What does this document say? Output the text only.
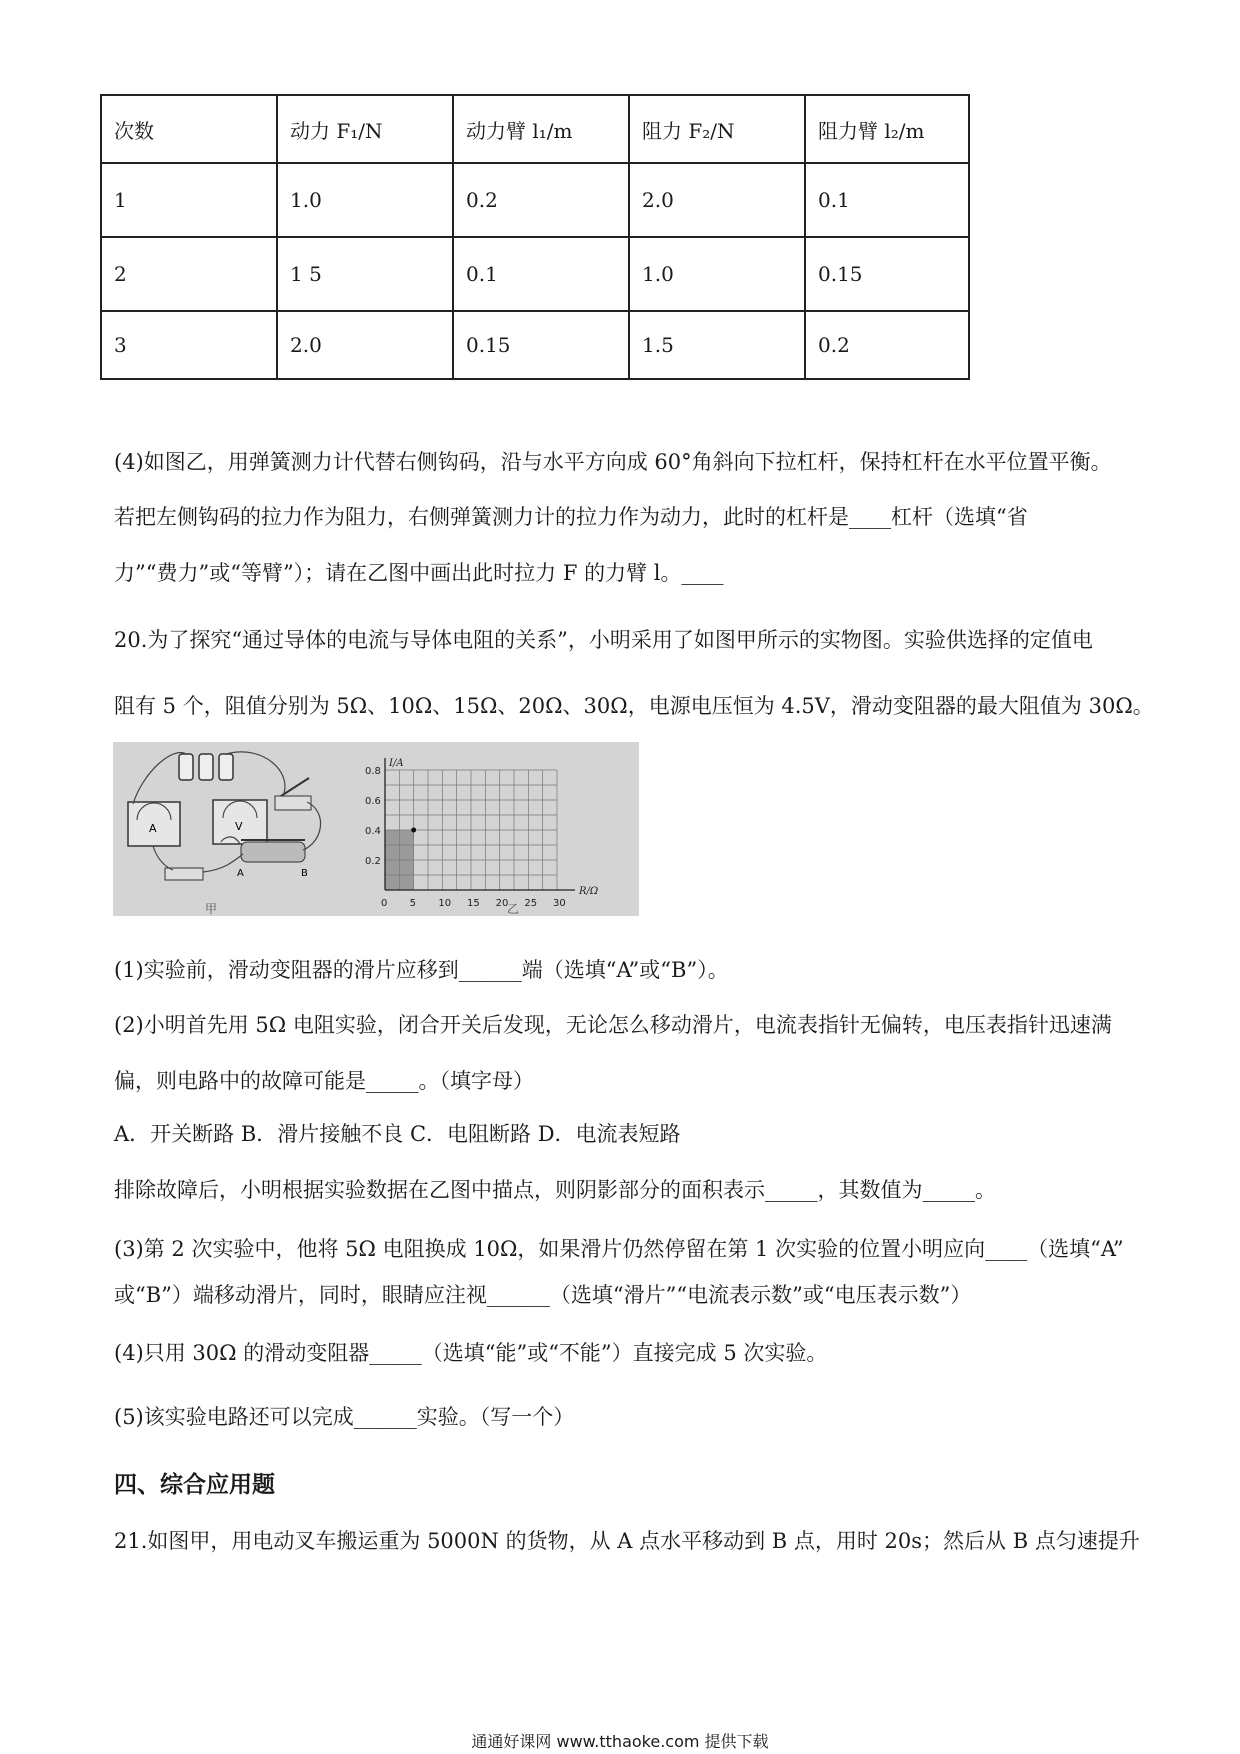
次数	动力 F₁/N	动力臂 l₁/m	阻力 F₂/N	阻力臂 l₂/m
1	1.0	0.2	2.0	0.1
2	1 5	0.1	1.0	0.15
3	2.0	0.15	1.5	0.2
(4)如图乙，用弹簧测力计代替右侧钩码，沿与水平方向成 60°角斜向下拉杠杆，保持杠杆在水平位置平衡。
若把左侧钩码的拉力作为阻力，右侧弹簧测力计的拉力作为动力，此时的杠杆是____杠杆（选填“省
力”“费力”或“等臂”）；请在乙图中画出此时拉力 F 的力臂 l。____
20.为了探究“通过导体的电流与导体电阻的关系”，小明采用了如图甲所示的实物图。实验供选择的定值电
阻有 5 个，阻值分别为 5Ω、10Ω、15Ω、20Ω、30Ω，电源电压恒为 4.5V，滑动变阻器的最大阻值为 30Ω。
A	V
A	B
甲
0.8
0.6
0.4
0.2
0 5 10 15 20 25 30
I/A
R/Ω
乙
(1)实验前，滑动变阻器的滑片应移到______端（选填“A”或“B”）。
(2)小明首先用 5Ω 电阻实验，闭合开关后发现，无论怎么移动滑片，电流表指针无偏转，电压表指针迅速满
偏，则电路中的故障可能是_____。（填字母）
A．开关断路 B．滑片接触不良 C．电阻断路 D．电流表短路
排除故障后，小明根据实验数据在乙图中描点，则阴影部分的面积表示_____，其数值为_____。
(3)第 2 次实验中，他将 5Ω 电阻换成 10Ω，如果滑片仍然停留在第 1 次实验的位置小明应向____（选填“A”
或“B”）端移动滑片，同时，眼睛应注视______（选填“滑片”“电流表示数”或“电压表示数”）
(4)只用 30Ω 的滑动变阻器_____（选填“能”或“不能”）直接完成 5 次实验。
(5)该实验电路还可以完成______实验。（写一个）
四、综合应用题
21.如图甲，用电动叉车搬运重为 5000N 的货物，从 A 点水平移动到 B 点，用时 20s；然后从 B 点匀速提升
通通好课网 www.tthaoke.com 提供下载
